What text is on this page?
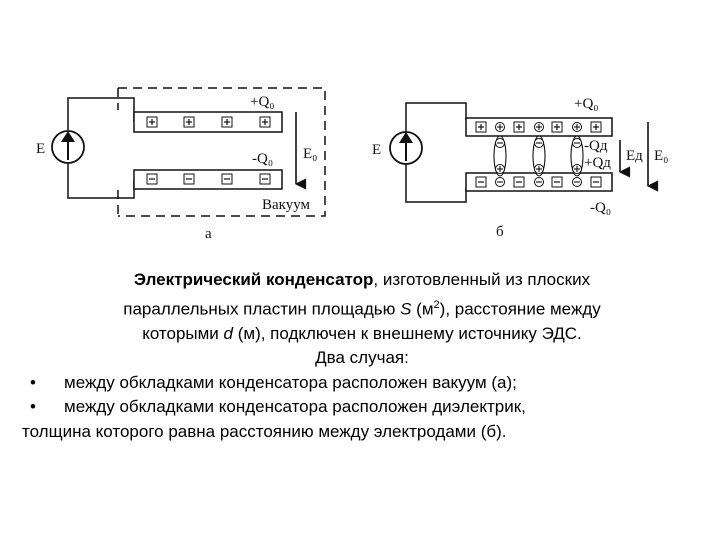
E
+Q₀
-Q₀ E₀
Вакуум
а
E
+Q₀
-Qд
+Qд
-Q₀
Eд E₀
б

Электрический конденсатор, изготовленный из плоских

параллельных пластин площадью S $(м^2)$, расстояние между

которыми d (м), подключен к внешнему источнику ЭДС.

Два случая:

•	между обкладками конденсатора расположен вакуум (а);

•	между обкладками конденсатора расположен диэлектрик,

толщина которого равна расстоянию между электродами (б).
